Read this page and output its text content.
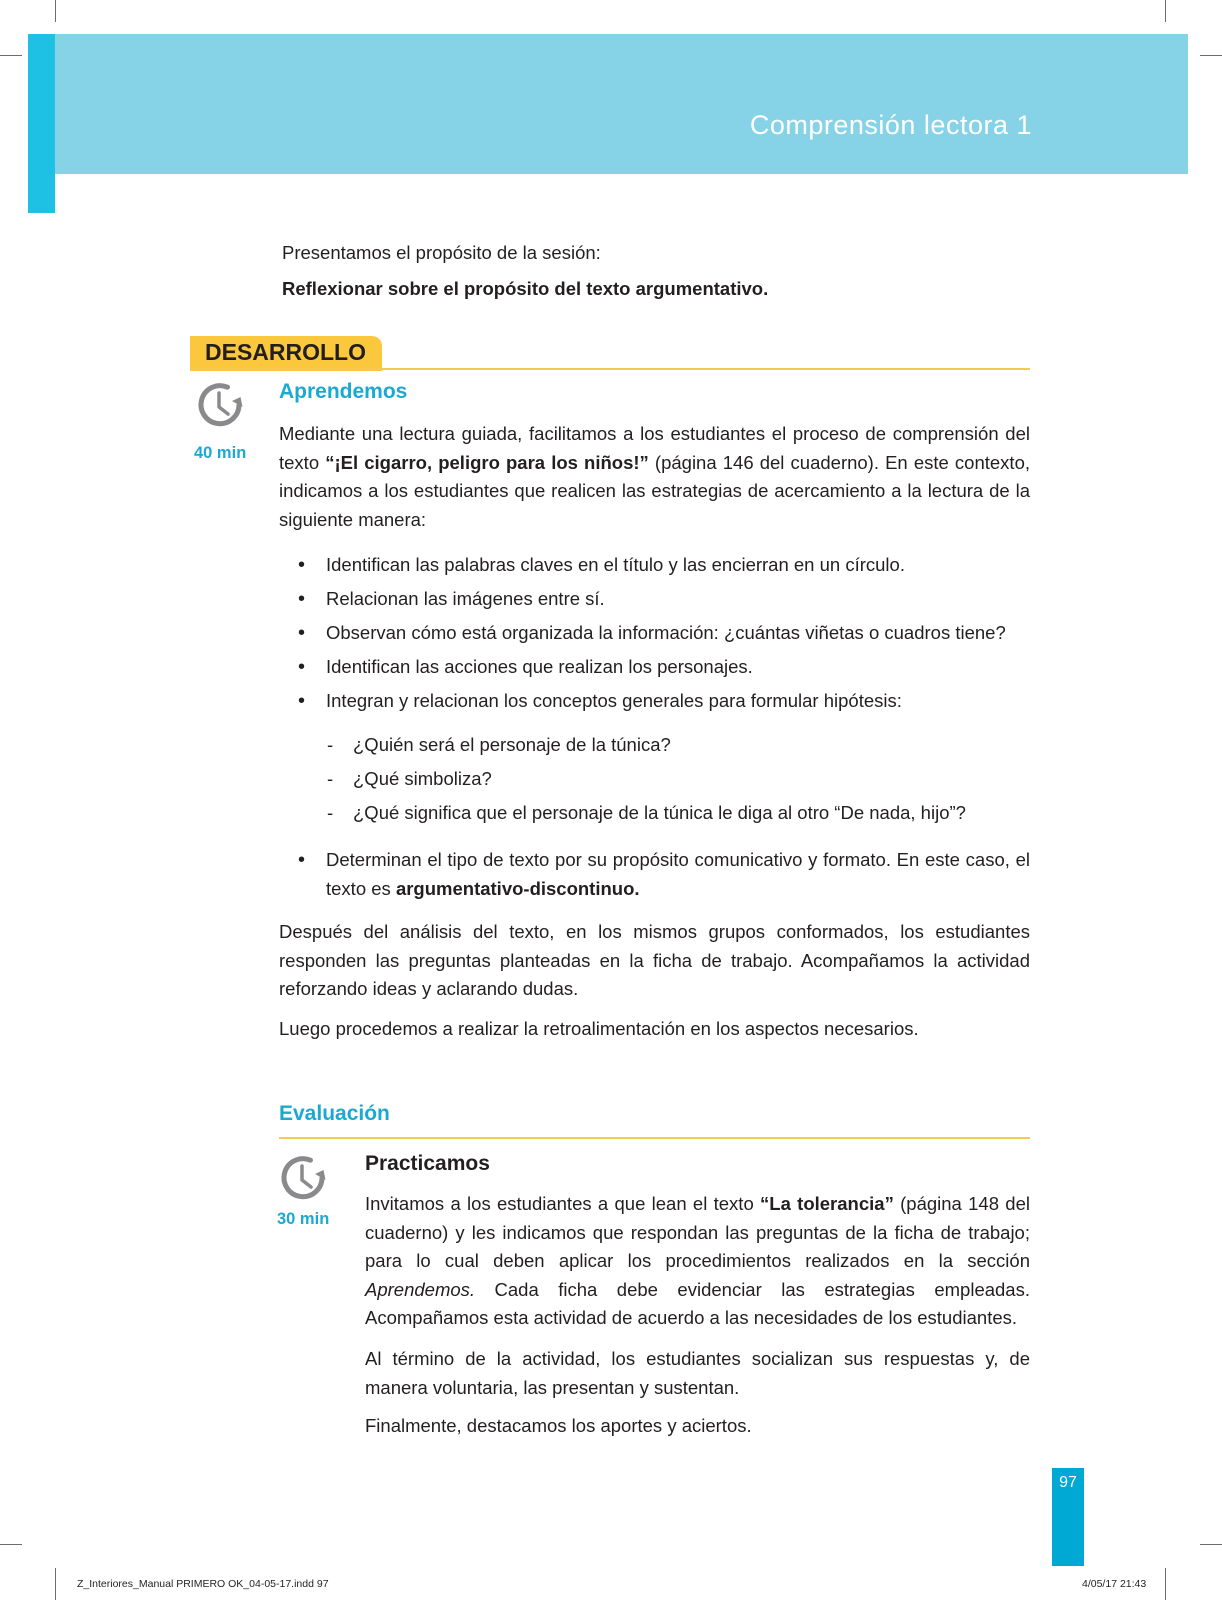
Comprensión lectora 1
Presentamos el propósito de la sesión:
Reflexionar sobre el propósito del texto argumentativo.
DESARROLLO
40 min
Aprendemos
Mediante una lectura guiada, facilitamos a los estudiantes el proceso de comprensión del texto “¡El cigarro, peligro para los niños!” (página 146 del cuaderno). En este contexto, indicamos a los estudiantes que realicen las estrategias de acercamiento a la lectura de la siguiente manera:
• Identifican las palabras claves en el título y las encierran en un círculo.
• Relacionan las imágenes entre sí.
• Observan cómo está organizada la información: ¿cuántas viñetas o cuadros tiene?
• Identifican las acciones que realizan los personajes.
• Integran y relacionan los conceptos generales para formular hipótesis:
- ¿Quién será el personaje de la túnica?
- ¿Qué simboliza?
- ¿Qué significa que el personaje de la túnica le diga al otro “De nada, hijo”?
• Determinan el tipo de texto por su propósito comunicativo y formato. En este caso, el texto es argumentativo-discontinuo.
Después del análisis del texto, en los mismos grupos conformados, los estudiantes responden las preguntas planteadas en la ficha de trabajo. Acompañamos la actividad reforzando ideas y aclarando dudas.
Luego procedemos a realizar la retroalimentación en los aspectos necesarios.
Evaluación
30 min
Practicamos
Invitamos a los estudiantes a que lean el texto “La tolerancia” (página 148 del cuaderno) y les indicamos que respondan las preguntas de la ficha de trabajo; para lo cual deben aplicar los procedimientos realizados en la sección Aprendemos. Cada ficha debe evidenciar las estrategias empleadas. Acompañamos esta actividad de acuerdo a las necesidades de los estudiantes.
Al término de la actividad, los estudiantes socializan sus respuestas y, de manera voluntaria, las presentan y sustentan.
Finalmente, destacamos los aportes y aciertos.
97
Z_Interiores_Manual PRIMERO OK_04-05-17.indd 97	4/05/17 21:43
